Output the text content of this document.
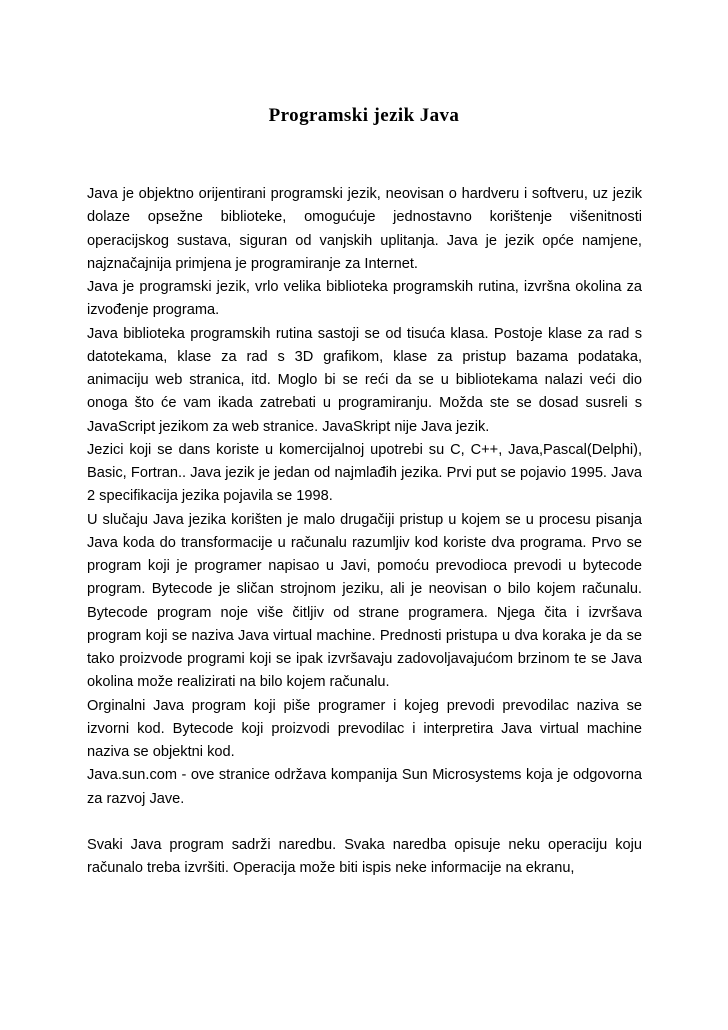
Programski jezik Java

Java je objektno orijentirani programski jezik, neovisan o hardveru i softveru, uz jezik dolaze opsežne biblioteke, omogućuje jednostavno korištenje višenitnosti operacijskog sustava, siguran od vanjskih uplitanja. Java je jezik opće namjene, najznačajnija primjena je programiranje za Internet.

Java je programski jezik, vrlo velika biblioteka programskih rutina, izvršna okolina za izvođenje programa.

Java biblioteka programskih rutina sastoji se od tisuća klasa. Postoje klase za rad s datotekama, klase za rad s 3D grafikom, klase za pristup bazama podataka, animaciju web stranica, itd. Moglo bi se reći da se u bibliotekama nalazi veći dio onoga što će vam ikada zatrebati u programiranju. Možda ste se dosad susreli s JavaScript jezikom za web stranice. JavaSkript nije Java jezik.

Jezici koji se dans koriste u komercijalnoj upotrebi su C, C++, Java,Pascal(Delphi), Basic, Fortran.. Java jezik je jedan od najmlađih jezika. Prvi put se pojavio 1995. Java 2 specifikacija jezika pojavila se 1998.

U slučaju Java jezika korišten je malo drugačiji pristup u kojem se u procesu pisanja Java koda do transformacije u računalu razumljiv kod koriste dva programa. Prvo se program koji je programer napisao u Javi, pomoću prevodioca prevodi u bytecode program. Bytecode je sličan strojnom jeziku, ali je neovisan o bilo kojem računalu. Bytecode program noje više čitljiv od strane programera. Njega čita i izvršava program koji se naziva Java virtual machine. Prednosti pristupa u dva koraka je da se tako proizvode programi koji se ipak izvršavaju zadovoljavajućom brzinom te se Java okolina može realizirati na bilo kojem računalu.

Orginalni Java program koji piše programer i kojeg prevodi prevodilac naziva se izvorni kod. Bytecode koji proizvodi prevodilac i interpretira Java virtual machine naziva se objektni kod.

Java.sun.com - ove stranice održava kompanija Sun Microsystems koja je odgovorna za razvoj Jave.

Svaki Java program sadrži naredbu. Svaka naredba opisuje neku operaciju koju računalo treba izvršiti. Operacija može biti ispis neke informacije na ekranu,
